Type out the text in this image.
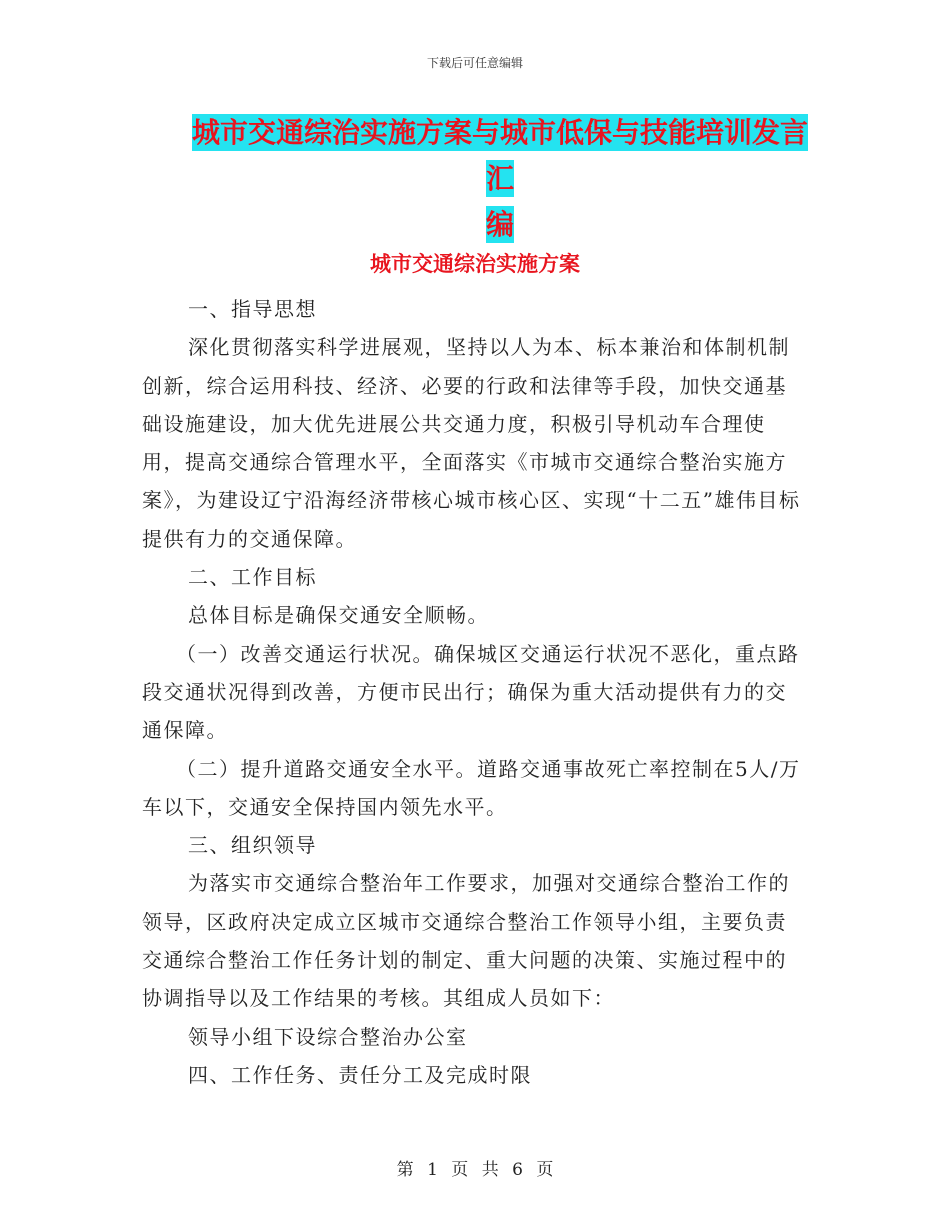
下载后可任意编辑
城市交通综治实施方案与城市低保与技能培训发言汇
编
城市交通综治实施方案

一、指导思想

深化贯彻落实科学进展观，坚持以人为本、标本兼治和体制机制创新，综合运用科技、经济、必要的行政和法律等手段，加快交通基础设施建设，加大优先进展公共交通力度，积极引导机动车合理使用，提高交通综合管理水平，全面落实《市城市交通综合整治实施方案》，为建设辽宁沿海经济带核心城市核心区、实现“十二五”雄伟目标提供有力的交通保障。

二、工作目标

总体目标是确保交通安全顺畅。

（一）改善交通运行状况。确保城区交通运行状况不恶化，重点路段交通状况得到改善，方便市民出行；确保为重大活动提供有力的交通保障。

（二）提升道路交通安全水平。道路交通事故死亡率控制在5人/万车以下，交通安全保持国内领先水平。

三、组织领导

为落实市交通综合整治年工作要求，加强对交通综合整治工作的领导，区政府决定成立区城市交通综合整治工作领导小组，主要负责交通综合整治工作任务计划的制定、重大问题的决策、实施过程中的协调指导以及工作结果的考核。其组成人员如下：

领导小组下设综合整治办公室

四、工作任务、责任分工及完成时限

第 1 页 共 6 页
